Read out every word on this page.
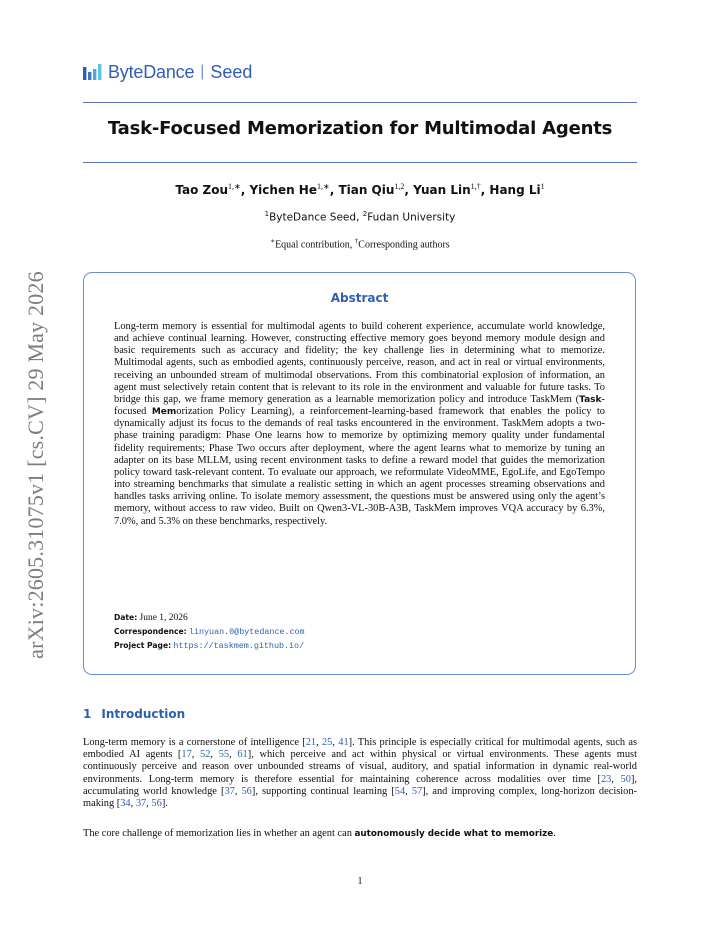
ByteDance | Seed
Task-Focused Memorization for Multimodal Agents
Tao Zou$^{1,∗}$, Yichen $He^{1,∗}$, Tian Qiu$^{1,2}$, Yuan Lin$^{1,\dagger}$, Hang Li$^1$
$^1$ByteDance Seed, $^2$Fudan University
∗Equal contribution, †Corresponding authors
arXiv:2605.31075v1 [cs.CV] 29 May 2026	Abstract
Long-term memory is essential for multimodal agents to build coherent experience, accumulate world knowledge, and achieve continual learning. However, constructing effective memory goes beyond memory module design and basic requirements such as accuracy and fidelity; the key challenge lies in determining what to memorize. Multimodal agents, such as embodied agents, continuously perceive, reason, and act in real or virtual environments, receiving an unbounded stream of multimodal observations. From this combinatorial explosion of information, an agent must selectively retain content that is relevant to its role in the environment and valuable for future tasks. To bridge this gap, we frame memory generation as a learnable memorization policy and introduce TaskMem (Task-focused Memorization Policy Learning), a reinforcement-learning-based framework that enables the policy to dynamically adjust its focus to the demands of real tasks encountered in the environment. TaskMem adopts a two-phase training paradigm: Phase One learns how to memorize by optimizing memory quality under fundamental fidelity requirements; Phase Two occurs after deployment, where the agent learns what to memorize by tuning an adapter on its base MLLM, using recent environment tasks to define a reward model that guides the memorization policy toward task-relevant content. To evaluate our approach, we reformulate VideoMME, EgoLife, and EgoTempo into streaming benchmarks that simulate a realistic setting in which an agent processes streaming observations and handles tasks arriving online. To isolate memory assessment, the questions must be answered using only the agent’s memory, without access to raw video. Built on Qwen3-VL-30B-A3B, TaskMem improves VQA accuracy by 6.3%, 7.0%, and 5.3% on these benchmarks, respectively.
Date: June 1, 2026
Correspondence: linyuan.0@bytedance.com
Project Page: https://taskmem.github.io/
1 Introduction
Long-term memory is a cornerstone of intelligence [21, 25, 41]. This principle is especially critical for multimodal agents, such as embodied AI agents [17, 52, 55, 61], which perceive and act within physical or virtual environments. These agents must continuously perceive and reason over unbounded streams of visual, auditory, and spatial information in dynamic real-world environments. Long-term memory is therefore essential for maintaining coherence across modalities over time [23, 50], accumulating world knowledge [37, 56], supporting continual learning [54, 57], and improving complex, long-horizon decision-making [34, 37, 56].
The core challenge of memorization lies in whether an agent can autonomously decide what to memorize.
1
